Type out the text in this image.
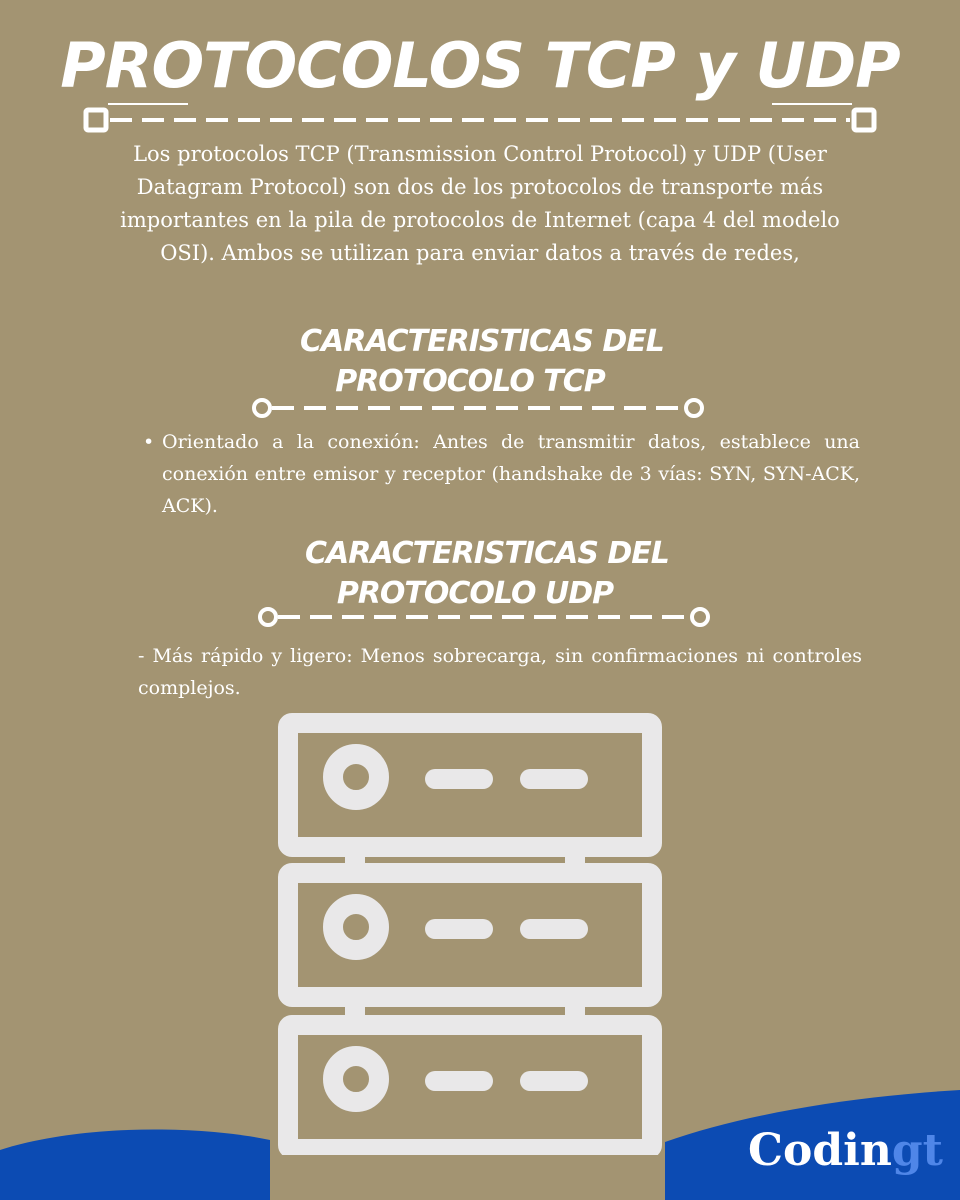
PROTOCOLOS TCP y UDP

Los protocolos TCP (Transmission Control Protocol) y UDP (User Datagram Protocol) son dos de los protocolos de transporte más importantes en la pila de protocolos de Internet (capa 4 del modelo OSI). Ambos se utilizan para enviar datos a través de redes,

CARACTERISTICAS DEL
PROTOCOLO TCP
• Orientado a la conexión: Antes de transmitir datos, establece una conexión entre emisor y receptor (handshake de 3 vías: SYN, SYN-ACK, ACK).
CARACTERISTICAS DEL
PROTOCOLO UDP

- Más rápido y ligero: Menos sobrecarga, sin confirmaciones ni controles complejos.

Codingt
